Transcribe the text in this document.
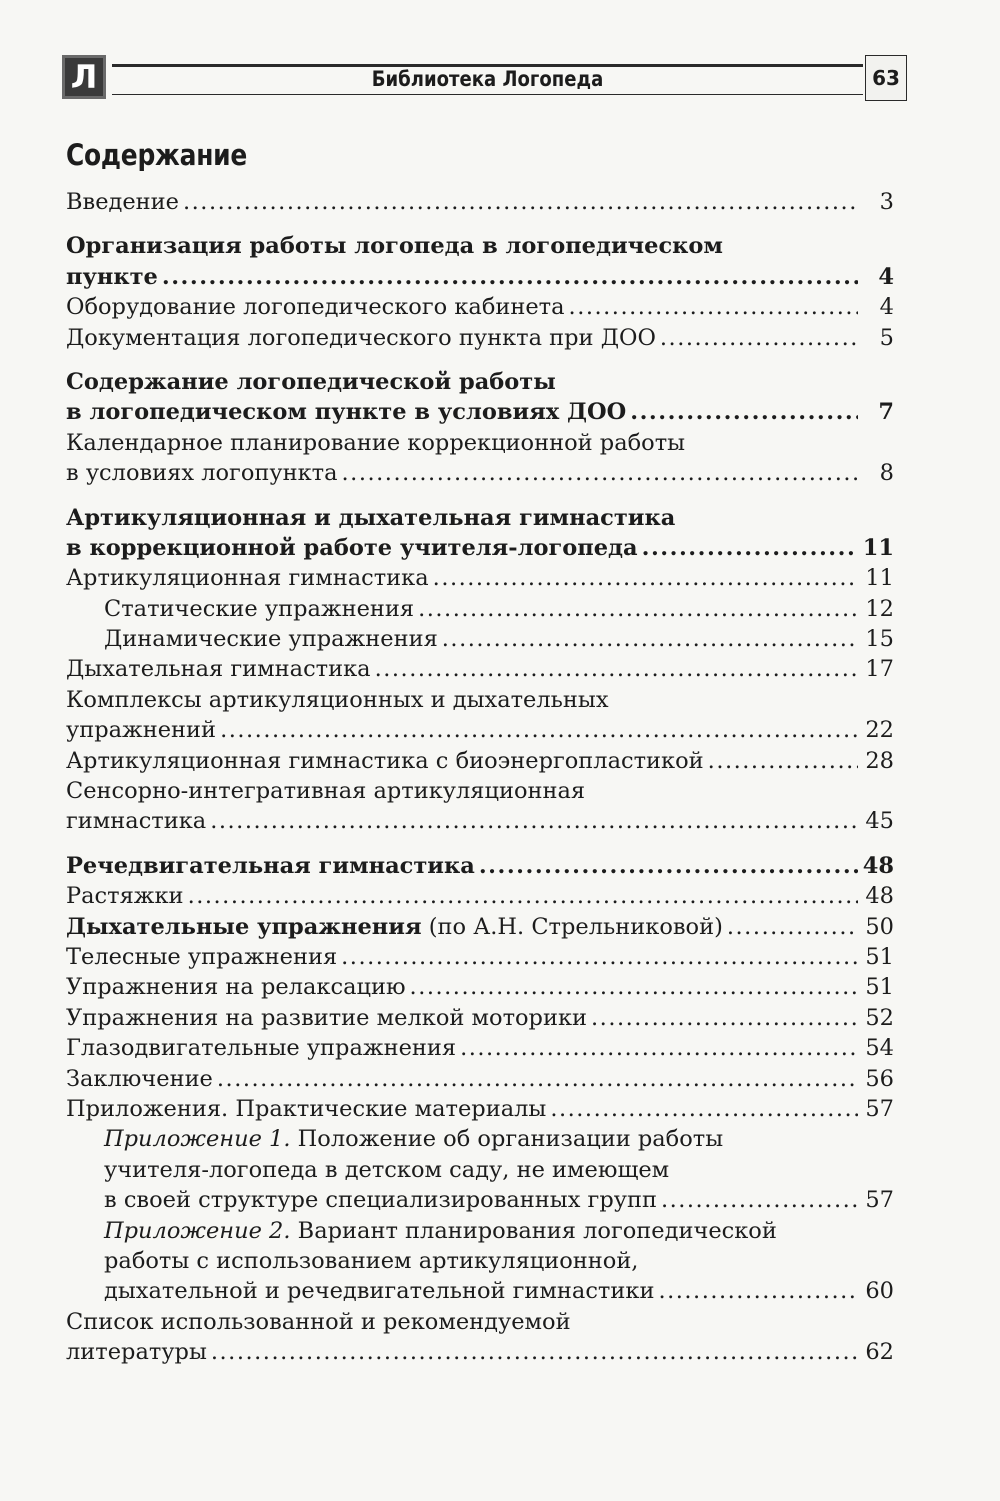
Л	Библиотека Логопеда	63
Содержание
Введение .....	3
Организация работы логопеда в логопедическом
пункте .....	4
Оборудование логопедического кабинета .....	4
Документация логопедического пункта при ДОО .....	5
Содержание логопедической работы
в логопедическом пункте в условиях ДОО .....	7
Календарное планирование коррекционной работы
в условиях логопункта .....	8
Артикуляционная и дыхательная гимнастика
в коррекционной работе учителя-логопеда .....	11
Артикуляционная гимнастика .....	11
Статические упражнения .....	12
Динамические упражнения .....	15
Дыхательная гимнастика .....	17
Комплексы артикуляционных и дыхательных
упражнений .....	22
Артикуляционная гимнастика с биоэнергопластикой .....	28
Сенсорно-интегративная артикуляционная
гимнастика .....	45
Речедвигательная гимнастика .....	48
Растяжки .....	48
Дыхательные упражнения (по А.Н. Стрельниковой) .....	50
Телесные упражнения .....	51
Упражнения на релаксацию .....	51
Упражнения на развитие мелкой моторики .....	52
Глазодвигательные упражнения .....	54
Заключение .....	56
Приложения. Практические материалы .....	57
Приложение 1. Положение об организации работы
учителя-логопеда в детском саду, не имеющем
в своей структуре специализированных групп .....	57
Приложение 2. Вариант планирования логопедической
работы с использованием артикуляционной,
дыхательной и речедвигательной гимнастики .....	60
Список использованной и рекомендуемой
литературы .....	62
